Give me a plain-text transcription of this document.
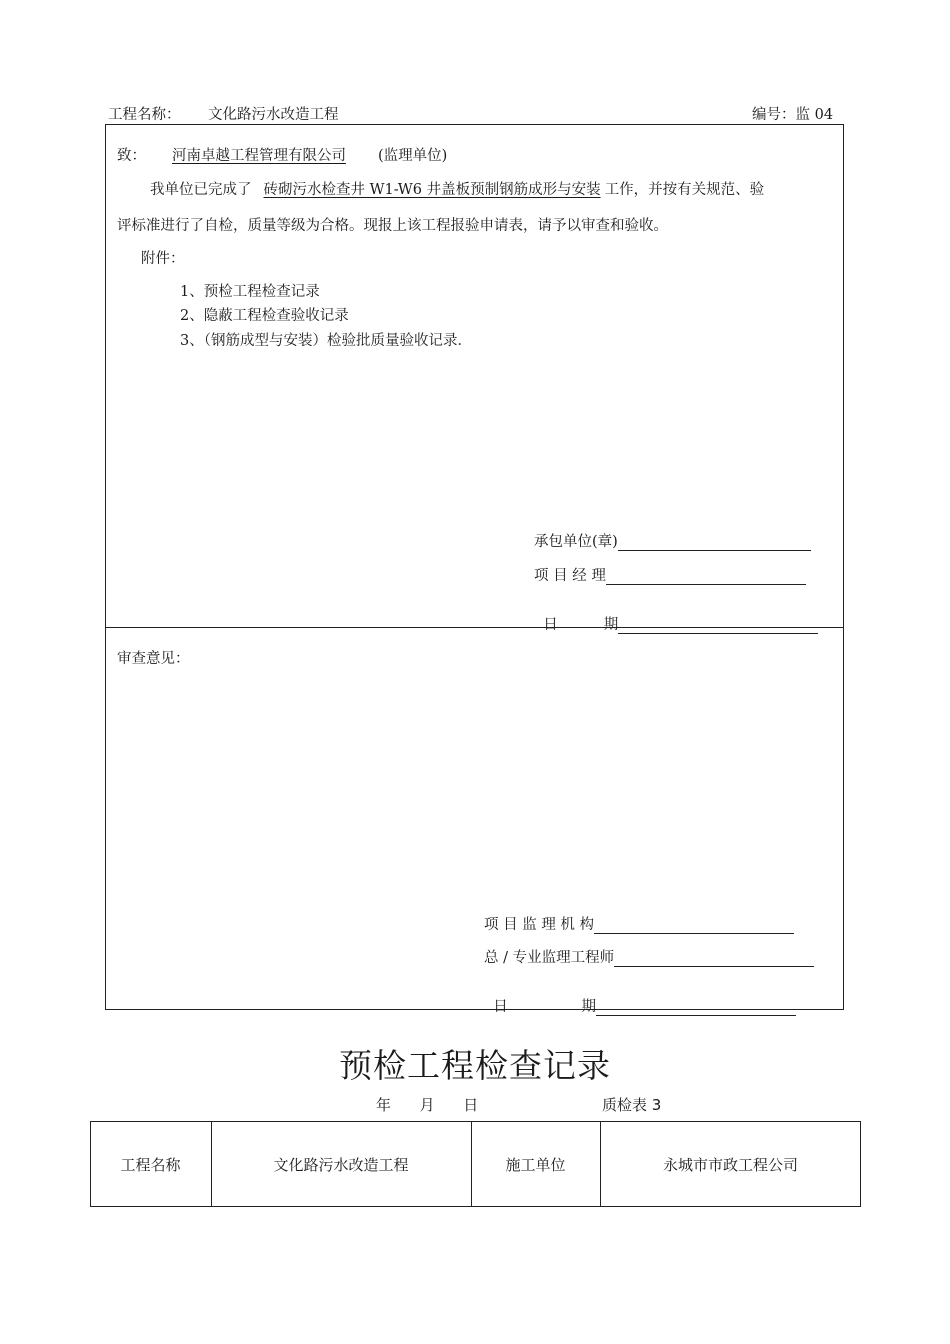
工程名称： 文化路污水改造工程	编号：监 04
致： 河南卓越工程管理有限公司 (监理单位)
我单位已完成了 砖砌污水检查井 W1-W6 井盖板预制钢筋成形与安装 工作，并按有关规范、验
评标准进行了自检，质量等级为合格。现报上该工程报验申请表，请予以审查和验收。
附件：
1、预检工程检查记录
2、隐蔽工程检查验收记录
3、（钢筋成型与安装）检验批质量验收记录．
承包单位(章)
项 目 经 理

日          期

审查意见：
项 目 监 理 机 构
总 / 专业监理工程师

日                期

预检工程检查记录
年      月      日	质检表 3
工程名称	文化路污水改造工程	施工单位	永城市市政工程公司
